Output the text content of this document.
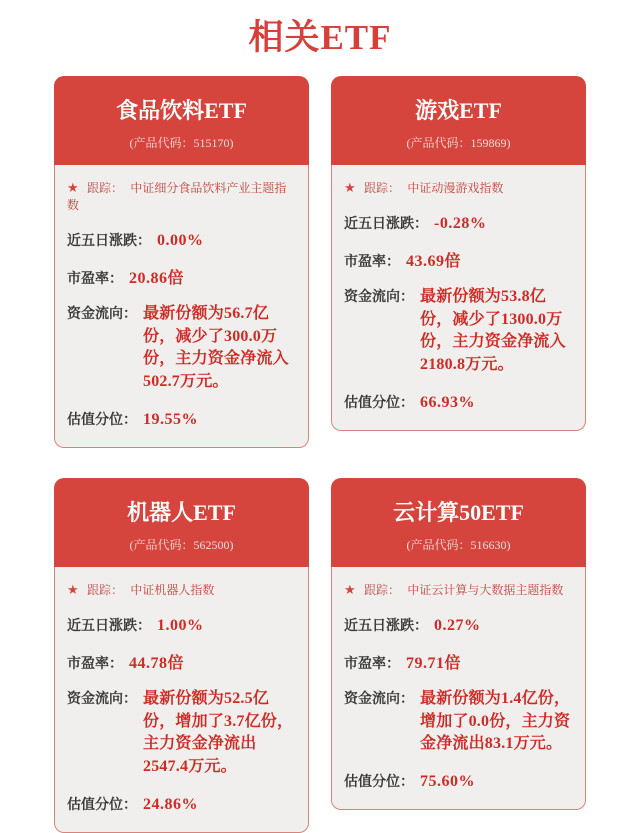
相关ETF
食品饮料ETF
(产品代码：515170)
★ 跟踪： 中证细分食品饮料产业主题指数
近五日涨跌： 0.00%
市盈率： 20.86倍
资金流向： 最新份额为56.7亿份，减少了300.0万份，主力资金净流入502.7万元。
估值分位： 19.55%
游戏ETF
(产品代码：159869)
★ 跟踪： 中证动漫游戏指数
近五日涨跌： -0.28%
市盈率： 43.69倍
资金流向： 最新份额为53.8亿份，减少了1300.0万份，主力资金净流入2180.8万元。
估值分位： 66.93%
机器人ETF
(产品代码：562500)
★ 跟踪： 中证机器人指数
近五日涨跌： 1.00%
市盈率： 44.78倍
资金流向： 最新份额为52.5亿份，增加了3.7亿份，主力资金净流出2547.4万元。
估值分位： 24.86%
云计算50ETF
(产品代码：516630)
★ 跟踪： 中证云计算与大数据主题指数
近五日涨跌： 0.27%
市盈率： 79.71倍
资金流向： 最新份额为1.4亿份，增加了0.0份，主力资金净流出83.1万元。
估值分位： 75.60%
